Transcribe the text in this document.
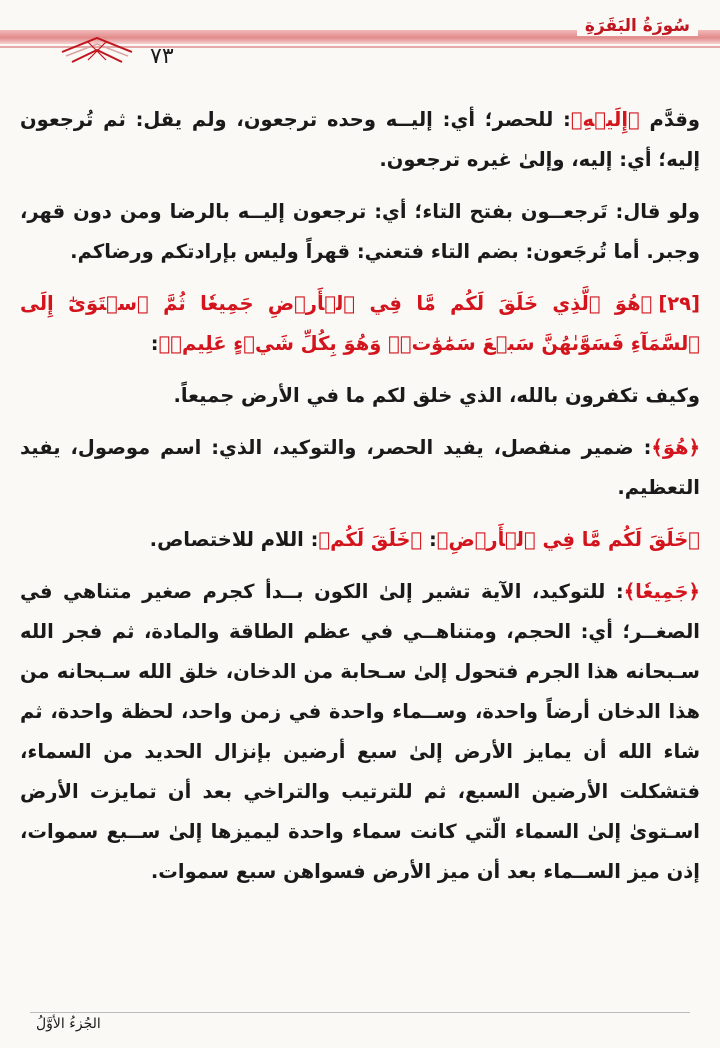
٧٣
سُورَةُ البَقَرَةِ

وقدَّم ﴿إِلَيۡهِ﴾: للحصر؛ أي: إليــه وحده ترجعون، ولم يقل: ثم تُرجعون إليه؛ أي: إليه، وإلىٰ غيره ترجعون.

ولو قال: تَرجعــون بفتح التاء؛ أي: ترجعون إليــه بالرضا ومن دون قهر، وجبر. أما تُرجَعون: بضم التاء فتعني: قهراً وليس بإرادتكم ورضاكم.

[٢٩]﴿هُوَ ٱلَّذِي خَلَقَ لَكُم مَّا فِي ٱلۡأَرۡضِ جَمِيعٗا ثُمَّ ٱسۡتَوَىٰٓ إِلَى ٱلسَّمَآءِ فَسَوَّىٰهُنَّ سَبۡعَ سَمَٰوَٰتٖۚ وَهُوَ بِكُلِّ شَيۡءٍ عَلِيمٞ﴾:

وكيف تكفرون بالله، الذي خلق لكم ما في الأرض جميعاً.

﴿هُوَ﴾: ضمير منفصل، يفيد الحصر، والتوكيد، الذي: اسم موصول، يفيد التعظيم.

﴿خَلَقَ لَكُم مَّا فِي ٱلۡأَرۡضِ﴾: ﴿خَلَقَ لَكُم﴾: اللام للاختصاص.

﴿جَمِيعٗا﴾: للتوكيد، الآية تشير إلىٰ الكون بــدأ كجرم صغير متناهي في الصغــر؛ أي: الحجم، ومتناهــي في عظم الطاقة والمادة، ثم فجر الله سـبحانه هذا الجرم فتحول إلىٰ سـحابة من الدخان، خلق الله سـبحانه من هذا الدخان أرضاً واحدة، وســماء واحدة في زمن واحد، لحظة واحدة، ثم شاء الله أن يمايز الأرض إلىٰ سبع أرضين بإنزال الحديد من السماء، فتشكلت الأرضين السبع، ثم للترتيب والتراخي بعد أن تمايزت الأرض اسـتوىٰ إلىٰ السماء الّتي كانت سماء واحدة ليميزها إلىٰ ســبع سموات، إذن ميز الســماء بعد أن ميز الأرض فسواهن سبع سموات.

الجُزءُ الأوَّلُ
